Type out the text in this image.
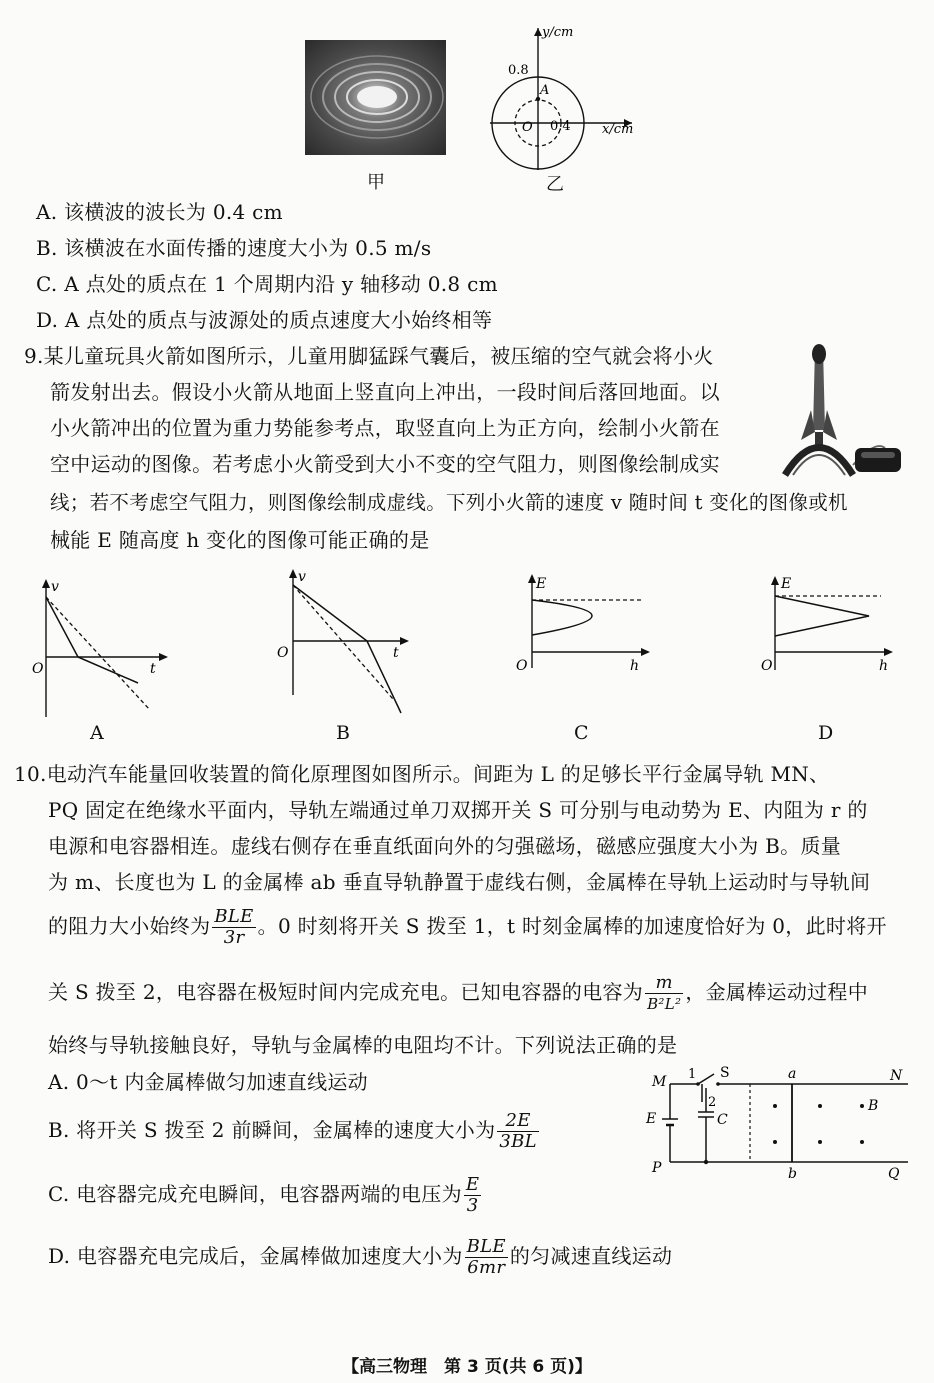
甲
y/cm
x/cm
0.8
0.4
A
O
乙
A. 该横波的波长为 0.4 cm
B. 该横波在水面传播的速度大小为 0.5 m/s
C. A 点处的质点在 1 个周期内沿 y 轴移动 0.8 cm
D. A 点处的质点与波源处的质点速度大小始终相等
9.某儿童玩具火箭如图所示，儿童用脚猛踩气囊后，被压缩的空气就会将小火
箭发射出去。假设小火箭从地面上竖直向上冲出，一段时间后落回地面。以
小火箭冲出的位置为重力势能参考点，取竖直向上为正方向，绘制小火箭在
空中运动的图像。若考虑小火箭受到大小不变的空气阻力，则图像绘制成实
线；若不考虑空气阻力，则图像绘制成虚线。下列小火箭的速度 v 随时间 t 变化的图像或机
械能 E 随高度 h 变化的图像可能正确的是
v
t
O
A
v
t
O
B
E
h
O
C
E
h
O
D
10.电动汽车能量回收装置的简化原理图如图所示。间距为 L 的足够长平行金属导轨 MN、
PQ 固定在绝缘水平面内，导轨左端通过单刀双掷开关 S 可分别与电动势为 E、内阻为 r 的
电源和电容器相连。虚线右侧存在垂直纸面向外的匀强磁场，磁感应强度大小为 B。质量
为 m、长度也为 L 的金属棒 ab 垂直导轨静置于虚线右侧，金属棒在导轨上运动时与导轨间
的阻力大小始终为 $\frac{\text{BLE}}{3r}$ 。0 时刻将开关 S 拨至 1，t 时刻金属棒的加速度恰好为 0，此时将开
关 S 拨至 2，电容器在极短时间内完成充电。已知电容器的电容为 $\frac{m}{\text{B²L²}}$ ，金属棒运动过程中
始终与导轨接触良好，导轨与金属棒的电阻均不计。下列说法正确的是
A. 0～t 内金属棒做匀加速直线运动
B. 将开关 S 拨至 2 前瞬间，金属棒的速度大小为 $\frac{2E}{3BL}$
C. 电容器完成充电瞬间，电容器两端的电压为 $\frac{E}{3}$
D. 电容器充电完成后，金属棒做加速度大小为 $\frac{\text{BLE}}{6mr}$ 的匀减速直线运动
M 1 S
2
C
E
a	N
B
P	b	Q
【高三物理　第 3 页(共 6 页)】
